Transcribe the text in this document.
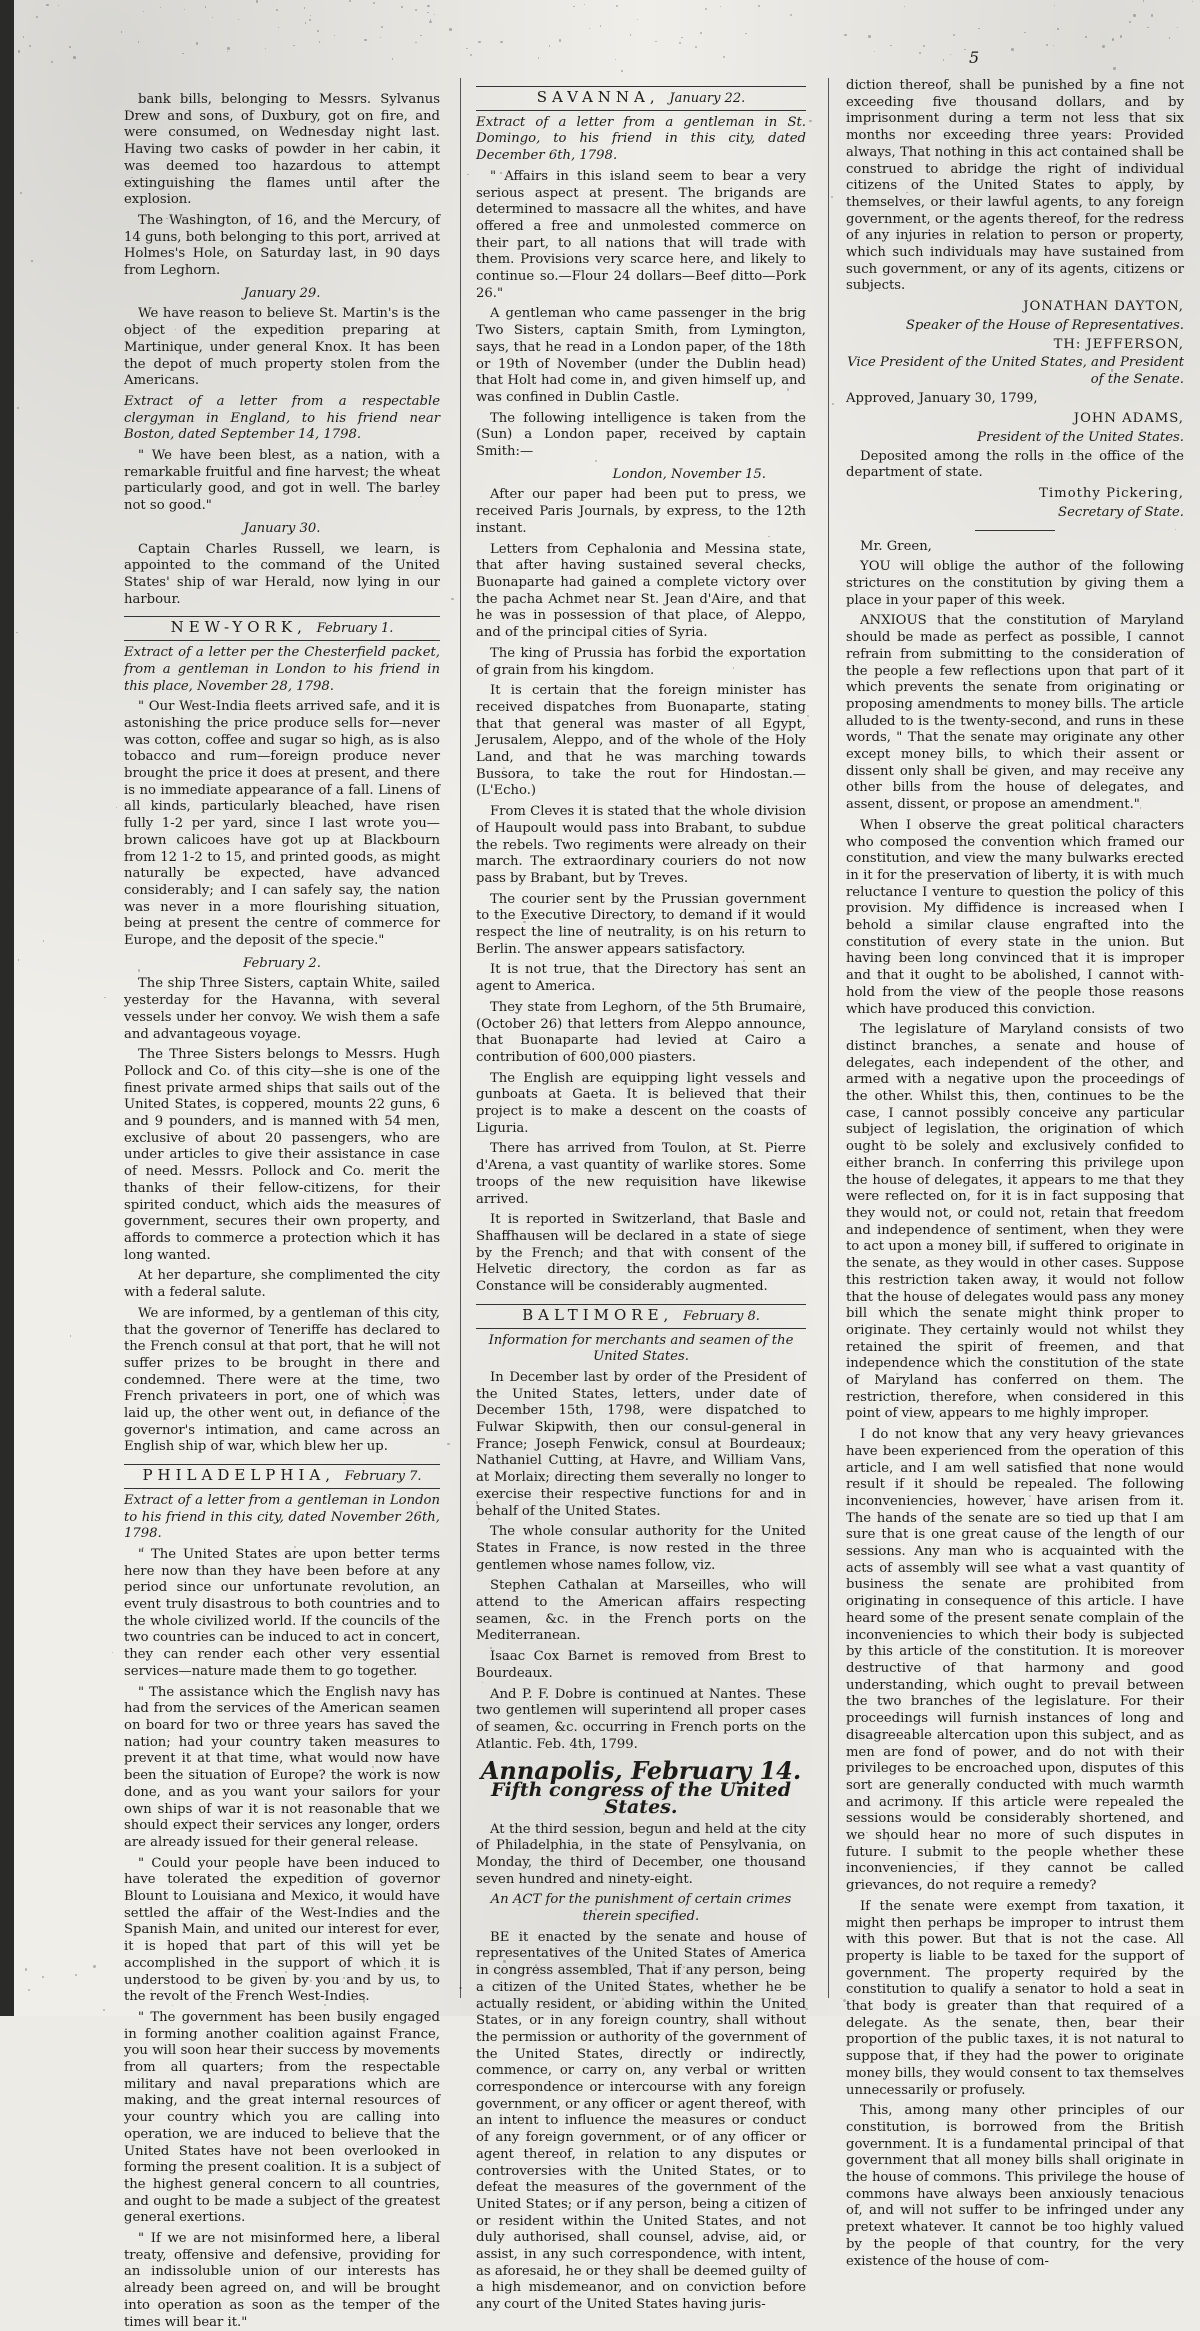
5

bank bills, belonging to Messrs. Sylvanus Drew and sons, of Duxbury, got on fire, and were consumed, on Wednesday night last. Having two casks of powder in her cabin, it was deemed too hazardous to attempt extinguishing the flames until after the explosion.

The Washington, of 16, and the Mercury, of 14 guns, both belonging to this port, arrived at Holmes's Hole, on Saturday last, in 90 days from Leghorn.

January 29.

We have reason to believe St. Martin's is the object of the expedition preparing at Martinique, under general Knox. It has been the depot of much property stolen from the Americans.

Extract of a letter from a respectable clergyman in England, to his friend near Boston, dated September 14, 1798.

" We have been blest, as a nation, with a remarkable fruitful and fine harvest; the wheat particularly good, and got in well. The barley not so good."

January 30.

Captain Charles Russell, we learn, is appointed to the command of the United States' ship of war Herald, now lying in our harbour.

NEW-YORK, February 1.

Extract of a letter per the Chesterfield packet, from a gentleman in London to his friend in this place, November 28, 1798.

" Our West-India fleets arrived safe, and it is astonishing the price produce sells for—never was cotton, coffee and sugar so high, as is also tobacco and rum—foreign produce never brought the price it does at present, and there is no immediate appearance of a fall. Linens of all kinds, particularly bleached, have risen fully 1-2 per yard, since I last wrote you—brown calicoes have got up at Blackbourn from 12 1-2 to 15, and printed goods, as might naturally be expected, have advanced considerably; and I can safely say, the nation was never in a more flourishing situation, being at present the centre of commerce for Europe, and the deposit of the specie."

February 2.

The ship Three Sisters, captain White, sailed yesterday for the Havanna, with several vessels under her convoy. We wish them a safe and advantageous voyage.

The Three Sisters belongs to Messrs. Hugh Pollock and Co. of this city—she is one of the finest private armed ships that sails out of the United States, is coppered, mounts 22 guns, 6 and 9 pounders, and is manned with 54 men, exclusive of about 20 passengers, who are under articles to give their assistance in case of need. Messrs. Pollock and Co. merit the thanks of their fellow-citizens, for their spirited conduct, which aids the measures of government, secures their own property, and affords to commerce a protection which it has long wanted.

At her departure, she complimented the city with a federal salute.

We are informed, by a gentleman of this city, that the governor of Teneriffe has declared to the French consul at that port, that he will not suffer prizes to be brought in there and condemned. There were at the time, two French privateers in port, one of which was laid up, the other went out, in defiance of the governor's intimation, and came across an English ship of war, which blew her up.

PHILADELPHIA, February 7.

Extract of a letter from a gentleman in London to his friend in this city, dated November 26th, 1798.

" The United States are upon better terms here now than they have been before at any period since our unfortunate revolution, an event truly disastrous to both countries and to the whole civilized world. If the councils of the two countries can be induced to act in concert, they can render each other very essential services—nature made them to go together.

" The assistance which the English navy has had from the services of the American seamen on board for two or three years has saved the nation; had your country taken measures to prevent it at that time, what would now have been the situation of Europe? the work is now done, and as you want your sailors for your own ships of war it is not reasonable that we should expect their services any longer, orders are already issued for their general release.

" Could your people have been induced to have tolerated the expedition of governor Blount to Louisiana and Mexico, it would have settled the affair of the West-Indies and the Spanish Main, and united our interest for ever, it is hoped that part of this will yet be accomplished in the support of which it is understood to be given by you and by us, to the revolt of the French West-Indies.

" The government has been busily engaged in forming another coalition against France, you will soon hear their success by movements from all quarters; from the respectable military and naval preparations which are making, and the great internal resources of your country which you are calling into operation, we are induced to believe that the United States have not been overlooked in forming the present coalition. It is a subject of the highest general concern to all countries, and ought to be made a subject of the greatest general exertions.

" If we are not misinformed here, a liberal treaty, offensive and defensive, providing for an indissoluble union of our interests has already been agreed on, and will be brought into operation as soon as the temper of the times will bear it."

SAVANNA, January 22.

Extract of a letter from a gentleman in St. Domingo, to his friend in this city, dated December 6th, 1798.

" Affairs in this island seem to bear a very serious aspect at present. The brigands are determined to massacre all the whites, and have offered a free and unmolested commerce on their part, to all nations that will trade with them. Provisions very scarce here, and likely to continue so.—Flour 24 dollars—Beef ditto—Pork 26."

A gentleman who came passenger in the brig Two Sisters, captain Smith, from Lymington, says, that he read in a London paper, of the 18th or 19th of November (under the Dublin head) that Holt had come in, and given himself up, and was confined in Dublin Castle.

The following intelligence is taken from the (Sun) a London paper, received by captain Smith:—

London, November 15.

After our paper had been put to press, we received Paris Journals, by express, to the 12th instant.

Letters from Cephalonia and Messina state, that after having sustained several checks, Buonaparte had gained a complete victory over the pacha Achmet near St. Jean d'Aire, and that he was in possession of that place, of Aleppo, and of the principal cities of Syria.

The king of Prussia has forbid the exportation of grain from his kingdom.

It is certain that the foreign minister has received dispatches from Buonaparte, stating that that general was master of all Egypt, Jerusalem, Aleppo, and of the whole of the Holy Land, and that he was marching towards Bussora, to take the rout for Hindostan.—(L'Echo.)

From Cleves it is stated that the whole division of Haupoult would pass into Brabant, to subdue the rebels. Two regiments were already on their march. The extraordinary couriers do not now pass by Brabant, but by Treves.

The courier sent by the Prussian government to the Executive Directory, to demand if it would respect the line of neutrality, is on his return to Berlin. The answer appears satisfactory.

It is not true, that the Directory has sent an agent to America.

They state from Leghorn, of the 5th Brumaire, (October 26) that letters from Aleppo announce, that Buonaparte had levied at Cairo a contribution of 600,000 piasters.

The English are equipping light vessels and gunboats at Gaeta. It is believed that their project is to make a descent on the coasts of Liguria.

There has arrived from Toulon, at St. Pierre d'Arena, a vast quantity of warlike stores. Some troops of the new requisition have likewise arrived.

It is reported in Switzerland, that Basle and Shaffhausen will be declared in a state of siege by the French; and that with consent of the Helvetic directory, the cordon as far as Constance will be considerably augmented.

BALTIMORE, February 8.
Information for merchants and seamen of the United States.

In December last by order of the President of the United States, letters, under date of December 15th, 1798, were dispatched to Fulwar Skipwith, then our consul-general in France; Joseph Fenwick, consul at Bourdeaux; Nathaniel Cutting, at Havre, and William Vans, at Morlaix; directing them severally no longer to exercise their respective functions for and in behalf of the United States.

The whole consular authority for the United States in France, is now rested in the three gentlemen whose names follow, viz.

Stephen Cathalan at Marseilles, who will attend to the American affairs respecting seamen, &c. in the French ports on the Mediterranean.

Isaac Cox Barnet is removed from Brest to Bourdeaux.

And P. F. Dobre is continued at Nantes. These two gentlemen will superintend all proper cases of seamen, &c. occurring in French ports on the Atlantic. Feb. 4th, 1799.

Annapolis, February 14.
Fifth congress of the United States.

At the third session, begun and held at the city of Philadelphia, in the state of Pensylvania, on Monday, the third of December, one thousand seven hundred and ninety-eight.

An ACT for the punishment of certain crimes therein specified.

BE it enacted by the senate and house of representatives of the United States of America in congress assembled, That if any person, being a citizen of the United States, whether he be actually resident, or abiding within the United States, or in any foreign country, shall without the permission or authority of the government of the United States, directly or indirectly, commence, or carry on, any verbal or written correspondence or intercourse with any foreign government, or any officer or agent thereof, with an intent to influence the measures or conduct of any foreign government, or of any officer or agent thereof, in relation to any disputes or controversies with the United States, or to defeat the measures of the government of the United States; or if any person, being a citizen of or resident within the United States, and not duly authorised, shall counsel, advise, aid, or assist, in any such correspondence, with intent, as aforesaid, he or they shall be deemed guilty of a high misdemeanor, and on conviction before any court of the United States having juris-

diction thereof, shall be punished by a fine not exceeding five thousand dollars, and by imprisonment during a term not less that six months nor exceeding three years: Provided always, That nothing in this act contained shall be construed to abridge the right of individual citizens of the United States to apply, by themselves, or their lawful agents, to any foreign government, or the agents thereof, for the redress of any injuries in relation to person or property, which such individuals may have sustained from such government, or any of its agents, citizens or subjects.

JONATHAN DAYTON,
Speaker of the House of Representatives.
TH: JEFFERSON,
Vice President of the United States, and President of the Senate.

Approved, January 30, 1799,

JOHN ADAMS,
President of the United States.

Deposited among the rolls in the office of the department of state.

Timothy Pickering,
Secretary of State.

Mr. Green,

YOU will oblige the author of the following strictures on the constitution by giving them a place in your paper of this week.

ANXIOUS that the constitution of Maryland should be made as perfect as possible, I cannot refrain from submitting to the consideration of the people a few reflections upon that part of it which prevents the senate from originating or proposing amendments to money bills. The article alluded to is the twenty-second, and runs in these words, " That the senate may originate any other except money bills, to which their assent or dissent only shall be given, and may receive any other bills from the house of delegates, and assent, dissent, or propose an amendment."

When I observe the great political characters who composed the convention which framed our constitution, and view the many bulwarks erected in it for the preservation of liberty, it is with much reluctance I venture to question the policy of this provision. My diffidence is increased when I behold a similar clause engrafted into the constitution of every state in the union. But having been long convinced that it is improper and that it ought to be abolished, I cannot with-hold from the view of the people those reasons which have produced this conviction.

The legislature of Maryland consists of two distinct branches, a senate and house of delegates, each independent of the other, and armed with a negative upon the proceedings of the other. Whilst this, then, continues to be the case, I cannot possibly conceive any particular subject of legislation, the origination of which ought to be solely and exclusively confided to either branch. In conferring this privilege upon the house of delegates, it appears to me that they were reflected on, for it is in fact supposing that they would not, or could not, retain that freedom and independence of sentiment, when they were to act upon a money bill, if suffered to originate in the senate, as they would in other cases. Suppose this restriction taken away, it would not follow that the house of delegates would pass any money bill which the senate might think proper to originate. They certainly would not whilst they retained the spirit of freemen, and that independence which the constitution of the state of Maryland has conferred on them. The restriction, therefore, when considered in this point of view, appears to me highly improper.

I do not know that any very heavy grievances have been experienced from the operation of this article, and I am well satisfied that none would result if it should be repealed. The following inconveniencies, however, have arisen from it. The hands of the senate are so tied up that I am sure that is one great cause of the length of our sessions. Any man who is acquainted with the acts of assembly will see what a vast quantity of business the senate are prohibited from originating in consequence of this article. I have heard some of the present senate complain of the inconveniencies to which their body is subjected by this article of the constitution. It is moreover destructive of that harmony and good understanding, which ought to prevail between the two branches of the legislature. For their proceedings will furnish instances of long and disagreeable altercation upon this subject, and as men are fond of power, and do not with their privileges to be encroached upon, disputes of this sort are generally conducted with much warmth and acrimony. If this article were repealed the sessions would be considerably shortened, and we should hear no more of such disputes in future. I submit to the people whether these inconveniencies, if they cannot be called grievances, do not require a remedy?

If the senate were exempt from taxation, it might then perhaps be improper to intrust them with this power. But that is not the case. All property is liable to be taxed for the support of government. The property required by the constitution to qualify a senator to hold a seat in that body is greater than that required of a delegate. As the senate, then, bear their proportion of the public taxes, it is not natural to suppose that, if they had the power to originate money bills, they would consent to tax themselves unnecessarily or profusely.

This, among many other principles of our constitution, is borrowed from the British government. It is a fundamental principal of that government that all money bills shall originate in the house of commons. This privilege the house of commons have always been anxiously tenacious of, and will not suffer to be infringed under any pretext whatever. It cannot be too highly valued by the people of that country, for the very existence of the house of com-
